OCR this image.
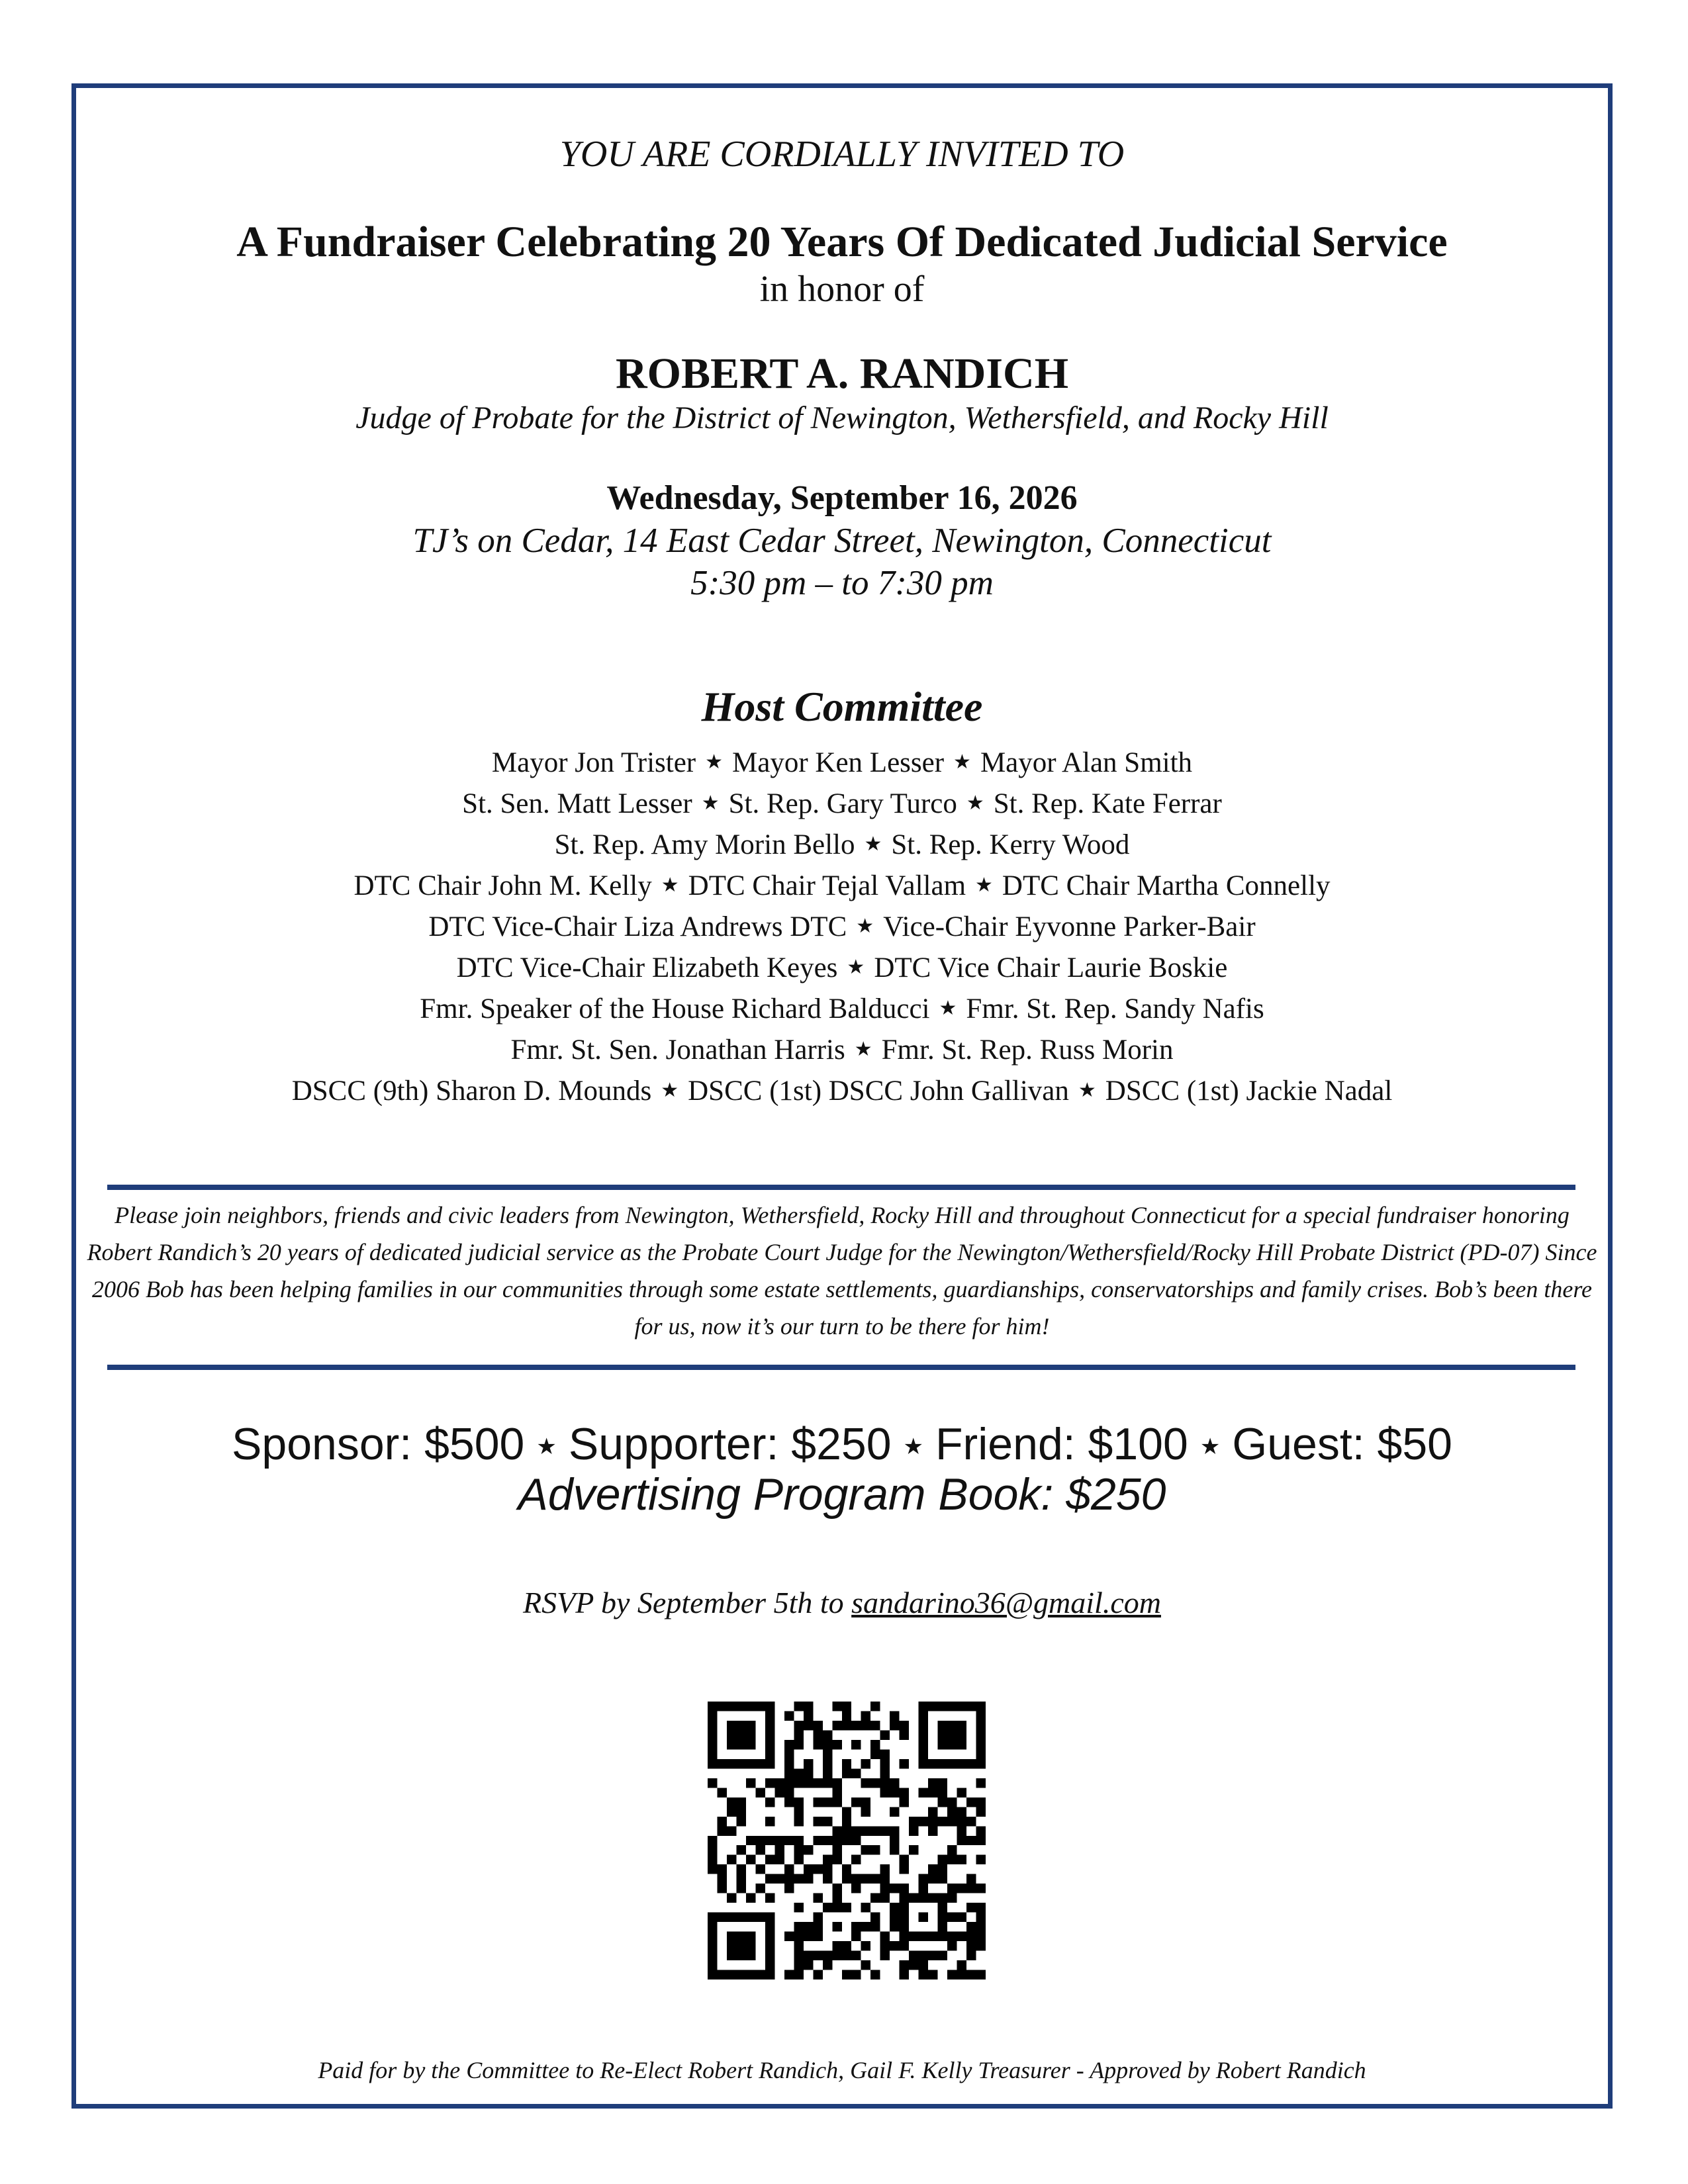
YOU ARE CORDIALLY INVITED TO
A Fundraiser Celebrating 20 Years Of Dedicated Judicial Service
in honor of
ROBERT A. RANDICH
Judge of Probate for the District of Newington, Wethersfield, and Rocky Hill
Wednesday, September 16, 2026
TJ’s on Cedar, 14 East Cedar Street, Newington, Connecticut
5:30 pm – to 7:30 pm
Host Committee
Mayor Jon Trister ★ Mayor Ken Lesser ★ Mayor Alan Smith
St. Sen. Matt Lesser ★ St. Rep. Gary Turco ★ St. Rep. Kate Ferrar
St. Rep. Amy Morin Bello ★ St. Rep. Kerry Wood
DTC Chair John M. Kelly ★ DTC Chair Tejal Vallam ★ DTC Chair Martha Connelly
DTC Vice-Chair Liza Andrews DTC ★ Vice-Chair Eyvonne Parker-Bair
DTC Vice-Chair Elizabeth Keyes ★ DTC Vice Chair Laurie Boskie
Fmr. Speaker of the House Richard Balducci ★ Fmr. St. Rep. Sandy Nafis
Fmr. St. Sen. Jonathan Harris ★ Fmr. St. Rep. Russ Morin
DSCC (9th) Sharon D. Mounds ★ DSCC (1st) DSCC John Gallivan ★ DSCC (1st) Jackie Nadal
Please join neighbors, friends and civic leaders from Newington, Wethersfield, Rocky Hill and throughout Connecticut for a special fundraiser honoring Robert Randich’s 20 years of dedicated judicial service as the Probate Court Judge for the Newington/Wethersfield/Rocky Hill Probate District (PD-07) Since 2006 Bob has been helping families in our communities through some estate settlements, guardianships, conservatorships and family crises. Bob’s been there for us, now it’s our turn to be there for him!
Sponsor: $500 ★ Supporter: $250 ★ Friend: $100 ★ Guest: $50
Advertising Program Book: $250
RSVP by September 5th to sandarino36@gmail.com
Paid for by the Committee to Re-Elect Robert Randich, Gail F. Kelly Treasurer - Approved by Robert Randich
